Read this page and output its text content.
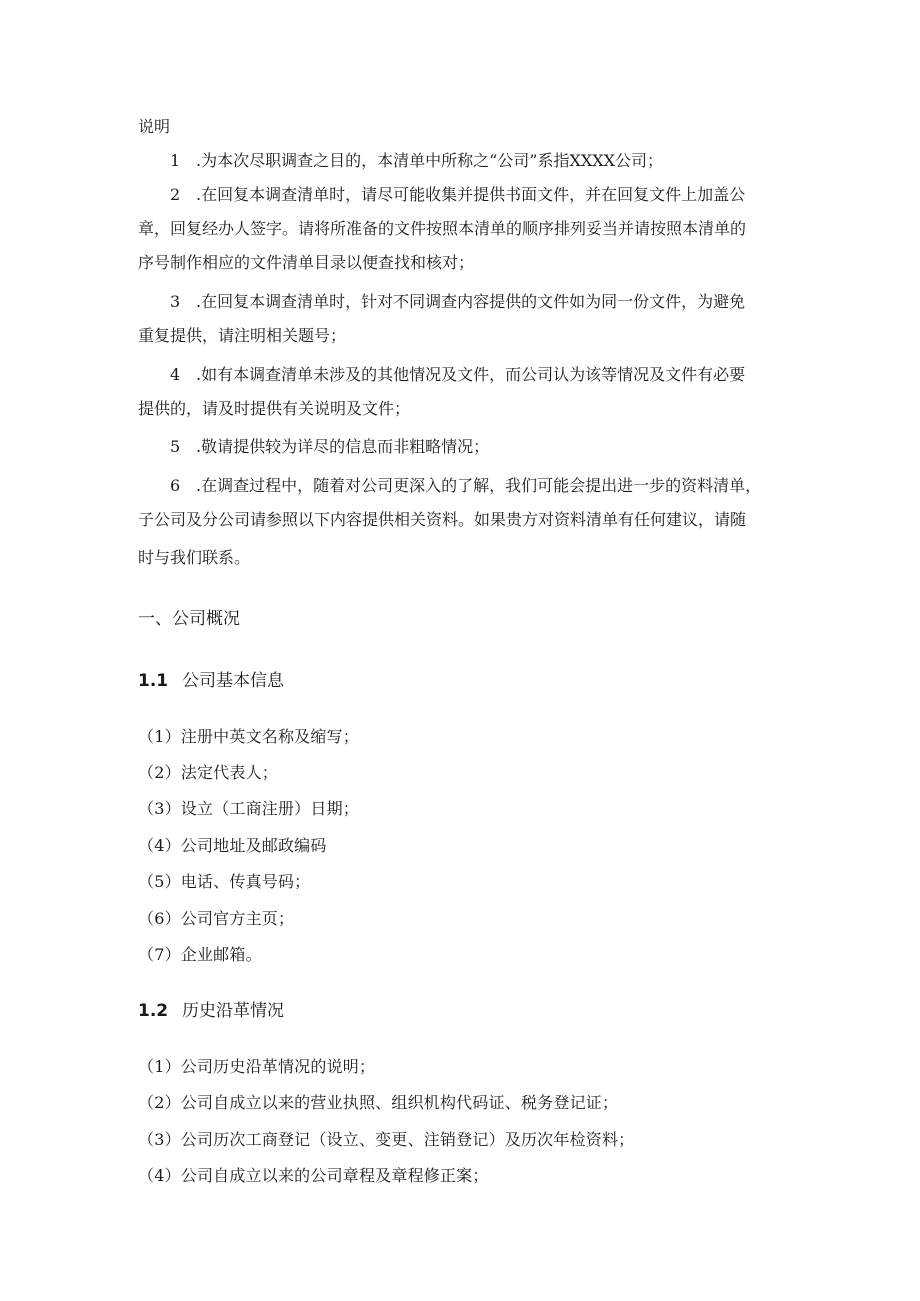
说明
1 .为本次尽职调查之目的，本清单中所称之“公司”系指XXXX公司；
2 .在回复本调查清单时，请尽可能收集并提供书面文件，并在回复文件上加盖公
章，回复经办人签字。请将所准备的文件按照本清单的顺序排列妥当并请按照本清单的
序号制作相应的文件清单目录以便查找和核对；
3 .在回复本调查清单时，针对不同调查内容提供的文件如为同一份文件，为避免
重复提供，请注明相关题号；
4 .如有本调查清单未涉及的其他情况及文件，而公司认为该等情况及文件有必要
提供的，请及时提供有关说明及文件；
5 .敬请提供较为详尽的信息而非粗略情况；
6 .在调查过程中，随着对公司更深入的了解，我们可能会提出进一步的资料清单，
子公司及分公司请参照以下内容提供相关资料。如果贵方对资料清单有任何建议，请随
时与我们联系。
一、公司概况
1.1 公司基本信息
（1）注册中英文名称及缩写；
（2）法定代表人；
（3）设立（工商注册）日期；
（4）公司地址及邮政编码
（5）电话、传真号码；
（6）公司官方主页；
（7）企业邮箱。
1.2 历史沿革情况
（1）公司历史沿革情况的说明；
（2）公司自成立以来的营业执照、组织机构代码证、税务登记证；
（3）公司历次工商登记（设立、变更、注销登记）及历次年检资料；
（4）公司自成立以来的公司章程及章程修正案；
